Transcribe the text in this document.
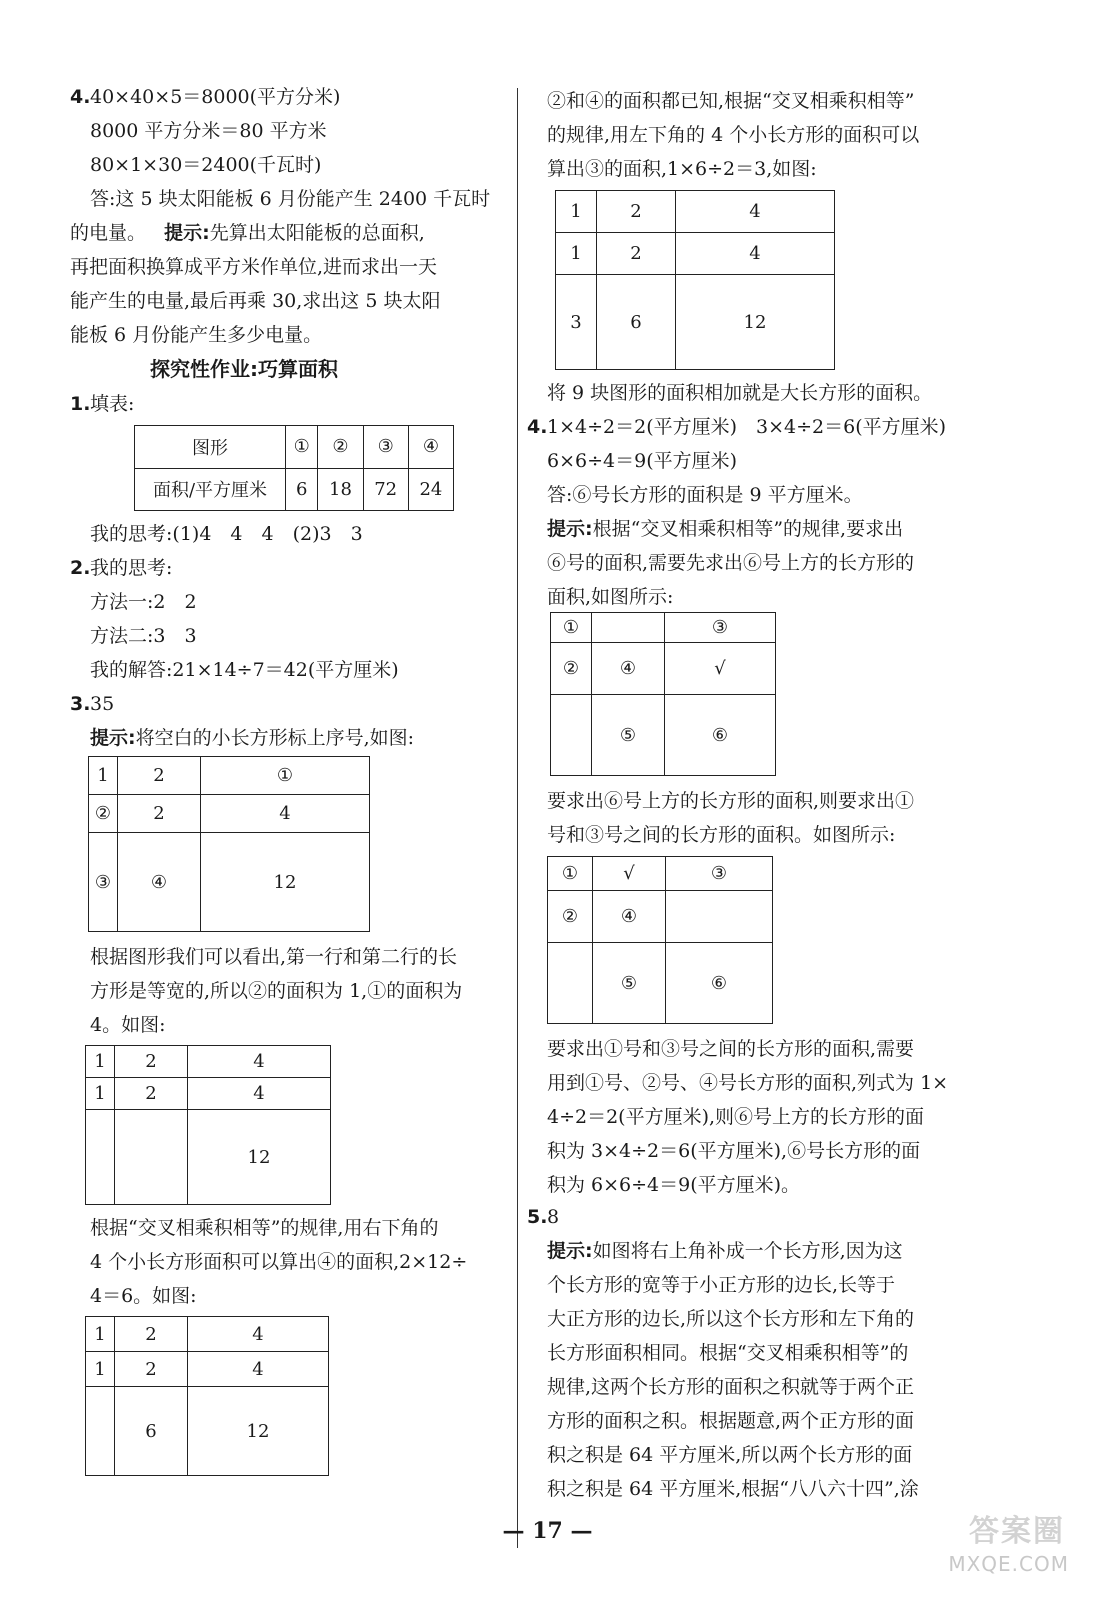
4. 40×40×5＝8000(平方分米)
8000 平方分米＝80 平方米
80×1×30＝2400(千瓦时)
答:这 5 块太阳能板 6 月份能产生 2400 千瓦时
的电量。 提示:先算出太阳能板的总面积,
再把面积换算成平方米作单位,进而求出一天
能产生的电量,最后再乘 30,求出这 5 块太阳
能板 6 月份能产生多少电量。
探究性作业:巧算面积
1. 填表:
图形	①	②	③	④
面积/平方厘米	6	18	72	24
我的思考:(1)4　4　4　(2)3　3
2. 我的思考:
方法一:2　2
方法二:3　3
我的解答:21×14÷7＝42(平方厘米)
3. 35
提示:将空白的小长方形标上序号,如图:
1	2	①
②	2	4
③	④	12
根据图形我们可以看出,第一行和第二行的长
方形是等宽的,所以②的面积为 1,①的面积为
4。如图:
1	2	4
1	2	4
		12
根据“交叉相乘积相等”的规律,用右下角的
4 个小长方形面积可以算出④的面积,2×12÷
4＝6。如图:
1	2	4
1	2	4
	6	12
②和④的面积都已知,根据“交叉相乘积相等”
的规律,用左下角的 4 个小长方形的面积可以
算出③的面积,1×6÷2＝3,如图:
1	2	4
1	2	4
3	6	12
将 9 块图形的面积相加就是大长方形的面积。
4. 1×4÷2＝2(平方厘米)　3×4÷2＝6(平方厘米)
6×6÷4＝9(平方厘米)
答:⑥号长方形的面积是 9 平方厘米。
提示:根据“交叉相乘积相等”的规律,要求出
⑥号的面积,需要先求出⑥号上方的长方形的
面积,如图所示:
①		③
②	④	√
	⑤	⑥
要求出⑥号上方的长方形的面积,则要求出①
号和③号之间的长方形的面积。如图所示:
①	√	③
②	④	
	⑤	⑥
要求出①号和③号之间的长方形的面积,需要
用到①号、②号、④号长方形的面积,列式为 1×
4÷2＝2(平方厘米),则⑥号上方的长方形的面
积为 3×4÷2＝6(平方厘米),⑥号长方形的面
积为 6×6÷4＝9(平方厘米)。
5. 8
提示:如图将右上角补成一个长方形,因为这
个长方形的宽等于小正方形的边长,长等于
大正方形的边长,所以这个长方形和左下角的
长方形面积相同。根据“交叉相乘积相等”的
规律,这两个长方形的面积之积就等于两个正
方形的面积之积。根据题意,两个正方形的面
积之积是 64 平方厘米,所以两个长方形的面
积之积是 64 平方厘米,根据“八八六十四”,涂
— 17 —	答案圈
MXQE.COM
